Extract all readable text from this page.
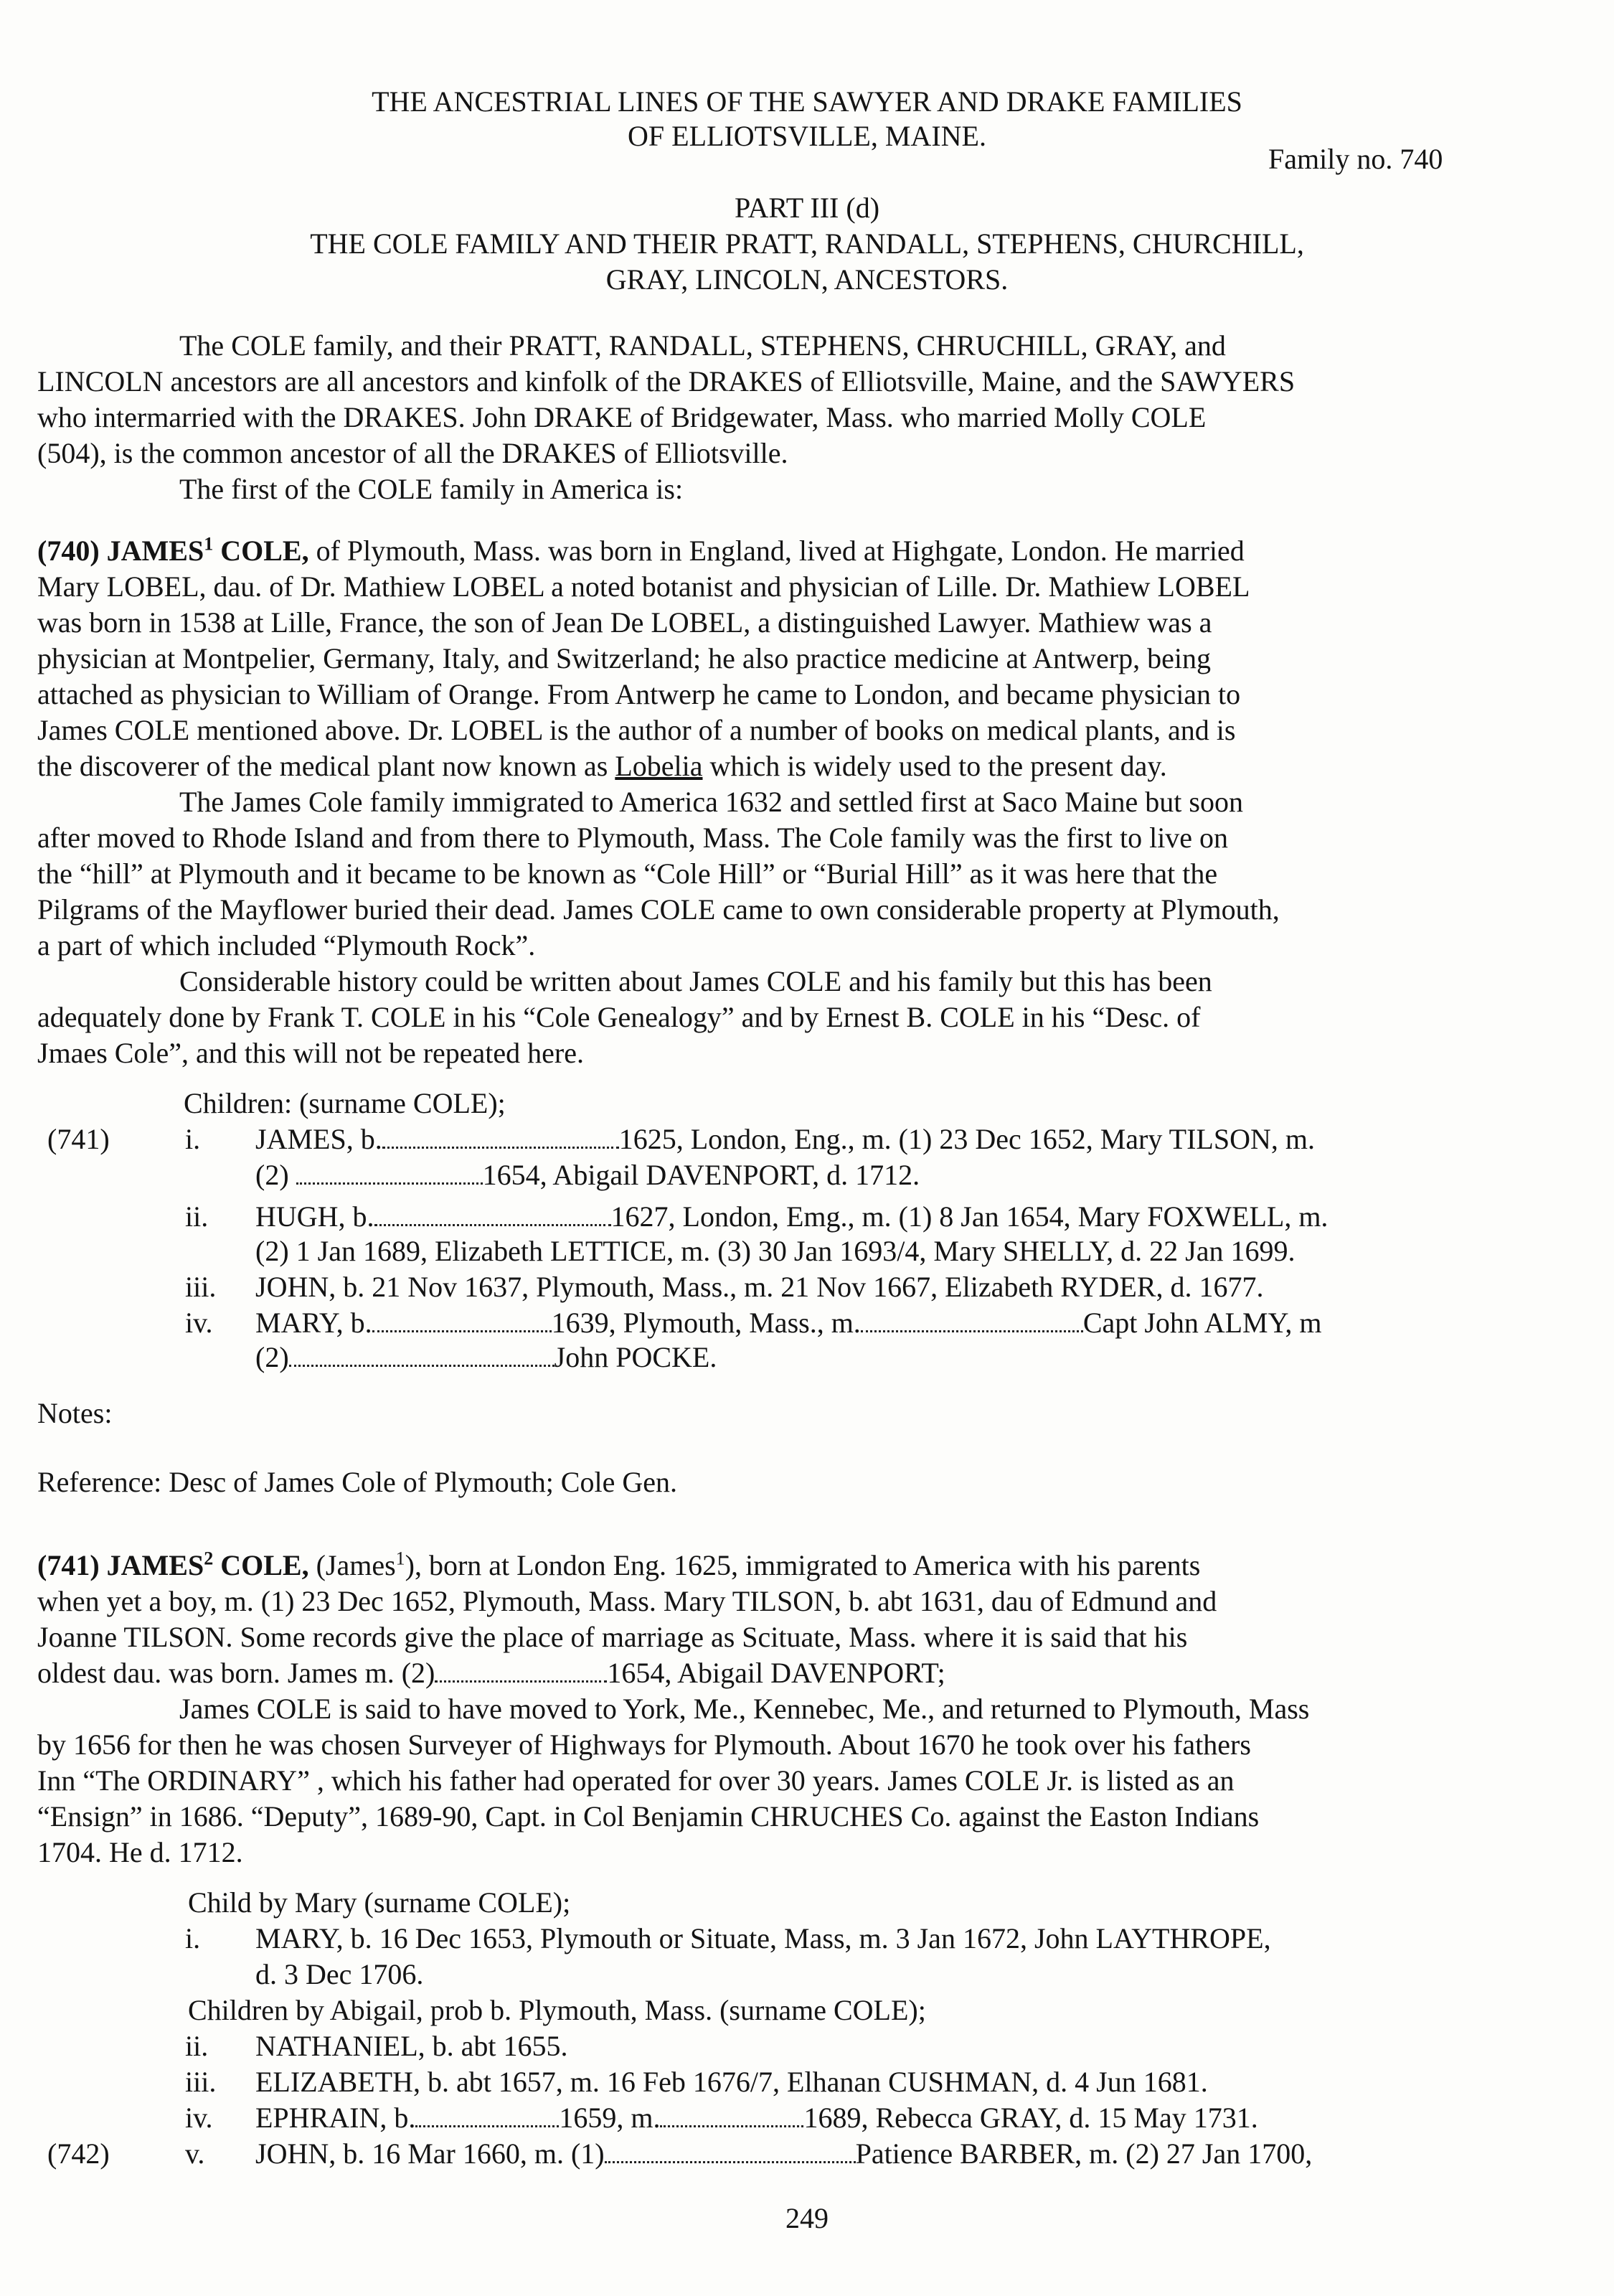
THE ANCESTRIAL LINES OF THE SAWYER AND DRAKE FAMILIES
OF ELLIOTSVILLE, MAINE.
Family no. 740
PART III (d)
THE COLE FAMILY AND THEIR PRATT, RANDALL, STEPHENS, CHURCHILL,
GRAY, LINCOLN, ANCESTORS.
The COLE family, and their PRATT, RANDALL, STEPHENS, CHRUCHILL, GRAY, and
LINCOLN ancestors are all ancestors and kinfolk of the DRAKES of Elliotsville, Maine, and the SAWYERS
who intermarried with the DRAKES. John DRAKE of Bridgewater, Mass. who married Molly COLE
(504), is the common ancestor of all the DRAKES of Elliotsville.
The first of the COLE family in America is:
(740) JAMES$^1$ COLE, of Plymouth, Mass. was born in England, lived at Highgate, London. He married
Mary LOBEL, dau. of Dr. Mathiew LOBEL a noted botanist and physician of Lille. Dr. Mathiew LOBEL
was born in 1538 at Lille, France, the son of Jean De LOBEL, a distinguished Lawyer. Mathiew was a
physician at Montpelier, Germany, Italy, and Switzerland; he also practice medicine at Antwerp, being
attached as physician to William of Orange. From Antwerp he came to London, and became physician to
James COLE mentioned above. Dr. LOBEL is the author of a number of books on medical plants, and is
the discoverer of the medical plant now known as Lobelia which is widely used to the present day.
The James Cole family immigrated to America 1632 and settled first at Saco Maine but soon
after moved to Rhode Island and from there to Plymouth, Mass. The Cole family was the first to live on
the “hill” at Plymouth and it became to be known as “Cole Hill” or “Burial Hill” as it was here that the
Pilgrams of the Mayflower buried their dead. James COLE came to own considerable property at Plymouth,
a part of which included “Plymouth Rock”.
Considerable history could be written about James COLE and his family but this has been
adequately done by Frank T. COLE in his “Cole Genealogy” and by Ernest B. COLE in his “Desc. of
Jmaes Cole”, and this will not be repeated here.
Children: (surname COLE);
(741)	i. JAMES, b.	1625, London, Eng., m. (1) 23 Dec 1652, Mary TILSON, m.
(2)	1654, Abigail DAVENPORT, d. 1712.
ii. HUGH, b.	1627, London, Emg., m. (1) 8 Jan 1654, Mary FOXWELL, m.
(2) 1 Jan 1689, Elizabeth LETTICE, m. (3) 30 Jan 1693/4, Mary SHELLY, d. 22 Jan 1699.
iii. JOHN, b. 21 Nov 1637, Plymouth, Mass., m. 21 Nov 1667, Elizabeth RYDER, d. 1677.
iv. MARY, b.	1639, Plymouth, Mass., m.	Capt John ALMY, m
(2)	John POCKE.
Notes:
Reference: Desc of James Cole of Plymouth; Cole Gen.
(741) JAMES$^2$ COLE, (James$^1$), born at London Eng. 1625, immigrated to America with his parents
when yet a boy, m. (1) 23 Dec 1652, Plymouth, Mass. Mary TILSON, b. abt 1631, dau of Edmund and
Joanne TILSON. Some records give the place of marriage as Scituate, Mass. where it is said that his
oldest dau. was born. James m. (2)	1654, Abigail DAVENPORT;
James COLE is said to have moved to York, Me., Kennebec, Me., and returned to Plymouth, Mass
by 1656 for then he was chosen Surveyer of Highways for Plymouth. About 1670 he took over his fathers
Inn “The ORDINARY” , which his father had operated for over 30 years. James COLE Jr. is listed as an
“Ensign” in 1686. “Deputy”, 1689-90, Capt. in Col Benjamin CHRUCHES Co. against the Easton Indians
1704. He d. 1712.
Child by Mary (surname COLE);
i. MARY, b. 16 Dec 1653, Plymouth or Situate, Mass, m. 3 Jan 1672, John LAYTHROPE,
d. 3 Dec 1706.
Children by Abigail, prob b. Plymouth, Mass. (surname COLE);
ii. NATHANIEL, b. abt 1655.
iii. ELIZABETH, b. abt 1657, m. 16 Feb 1676/7, Elhanan CUSHMAN, d. 4 Jun 1681.
iv. EPHRAIN, b.	1659, m.	1689, Rebecca GRAY, d. 15 May 1731.
(742)	v. JOHN, b. 16 Mar 1660, m. (1)	Patience BARBER, m. (2) 27 Jan 1700,
249
